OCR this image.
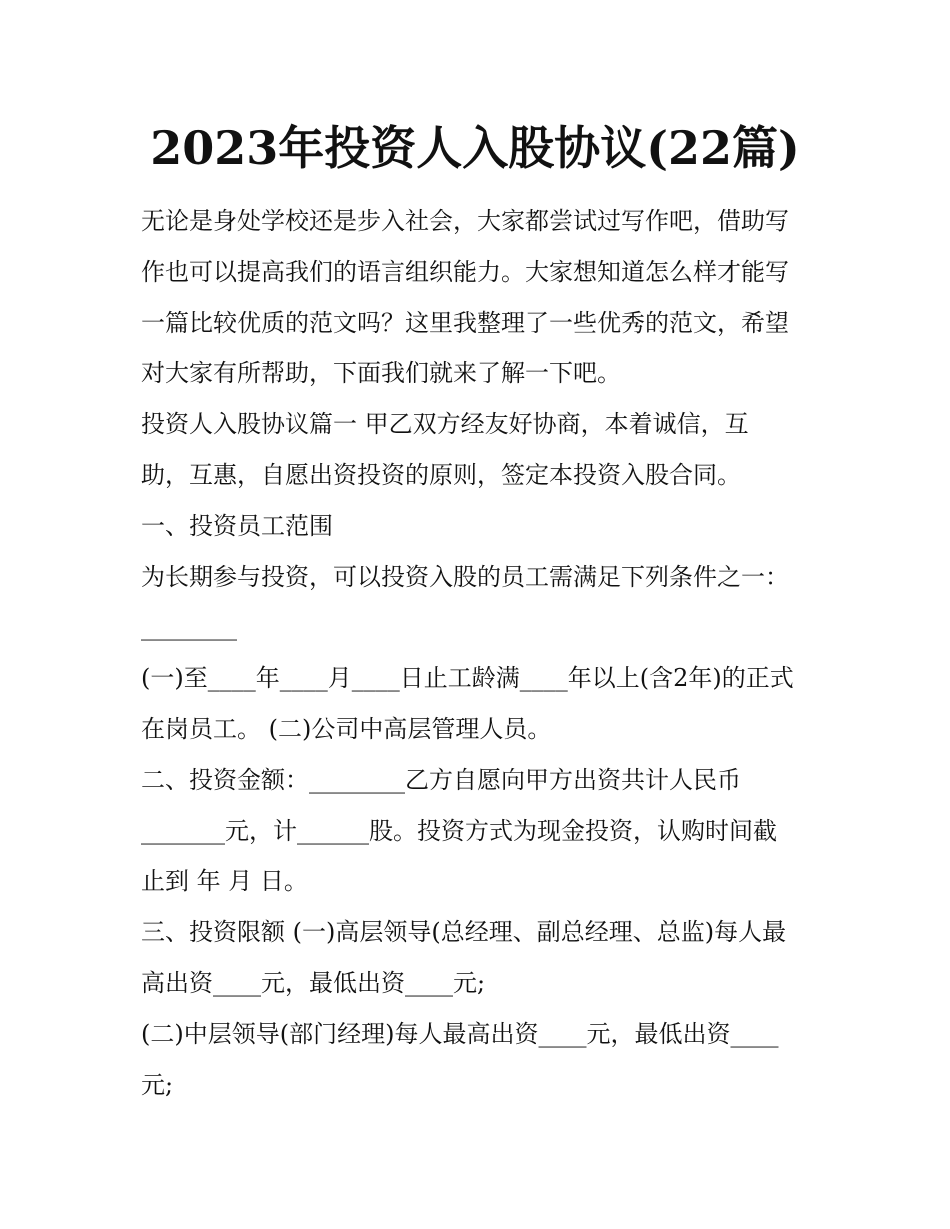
2023年投资人入股协议(22篇)
无论是身处学校还是步入社会，大家都尝试过写作吧，借助写
作也可以提高我们的语言组织能力。大家想知道怎么样才能写
一篇比较优质的范文吗？这里我整理了一些优秀的范文，希望
对大家有所帮助，下面我们就来了解一下吧。
投资人入股协议篇一 甲乙双方经友好协商，本着诚信，互
助，互惠，自愿出资投资的原则，签定本投资入股合同。
一、投资员工范围
为长期参与投资，可以投资入股的员工需满足下列条件之一：
________
(一)至____年____月____日止工龄满____年以上(含2年)的正式
在岗员工。 (二)公司中高层管理人员。
二、投资金额：________乙方自愿向甲方出资共计人民币
_______元，计______股。投资方式为现金投资，认购时间截
止到 年 月 日。
三、投资限额 (一)高层领导(总经理、副总经理、总监)每人最
高出资____元，最低出资____元;
(二)中层领导(部门经理)每人最高出资____元，最低出资____
元;
